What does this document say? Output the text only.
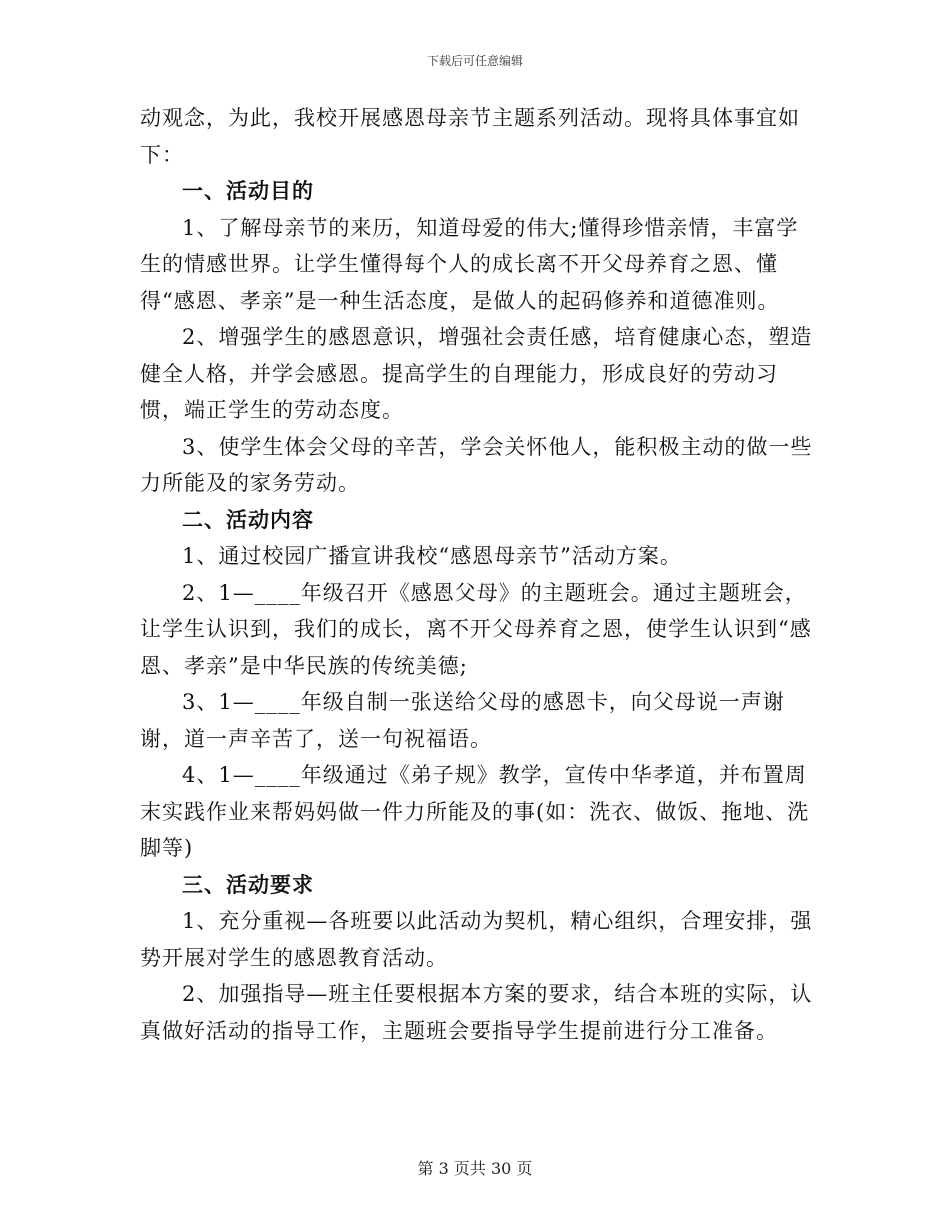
下载后可任意编辑

动观念，为此，我校开展感恩母亲节主题系列活动。现将具体事宜如下：

一、活动目的

1、了解母亲节的来历，知道母爱的伟大;懂得珍惜亲情，丰富学生的情感世界。让学生懂得每个人的成长离不开父母养育之恩、懂得“感恩、孝亲”是一种生活态度，是做人的起码修养和道德准则。

2、增强学生的感恩意识，增强社会责任感，培育健康心态，塑造健全人格，并学会感恩。提高学生的自理能力，形成良好的劳动习惯，端正学生的劳动态度。

3、使学生体会父母的辛苦，学会关怀他人，能积极主动的做一些力所能及的家务劳动。

二、活动内容

1、通过校园广播宣讲我校“感恩母亲节”活动方案。

2、1—____年级召开《感恩父母》的主题班会。通过主题班会，让学生认识到，我们的成长，离不开父母养育之恩，使学生认识到“感恩、孝亲”是中华民族的传统美德;

3、1—____年级自制一张送给父母的感恩卡，向父母说一声谢谢，道一声辛苦了，送一句祝福语。

4、1—____年级通过《弟子规》教学，宣传中华孝道，并布置周末实践作业来帮妈妈做一件力所能及的事(如：洗衣、做饭、拖地、洗脚等)

三、活动要求

1、充分重视—各班要以此活动为契机，精心组织，合理安排，强势开展对学生的感恩教育活动。

2、加强指导—班主任要根据本方案的要求，结合本班的实际，认真做好活动的指导工作，主题班会要指导学生提前进行分工准备。

第 3 页共 30 页
